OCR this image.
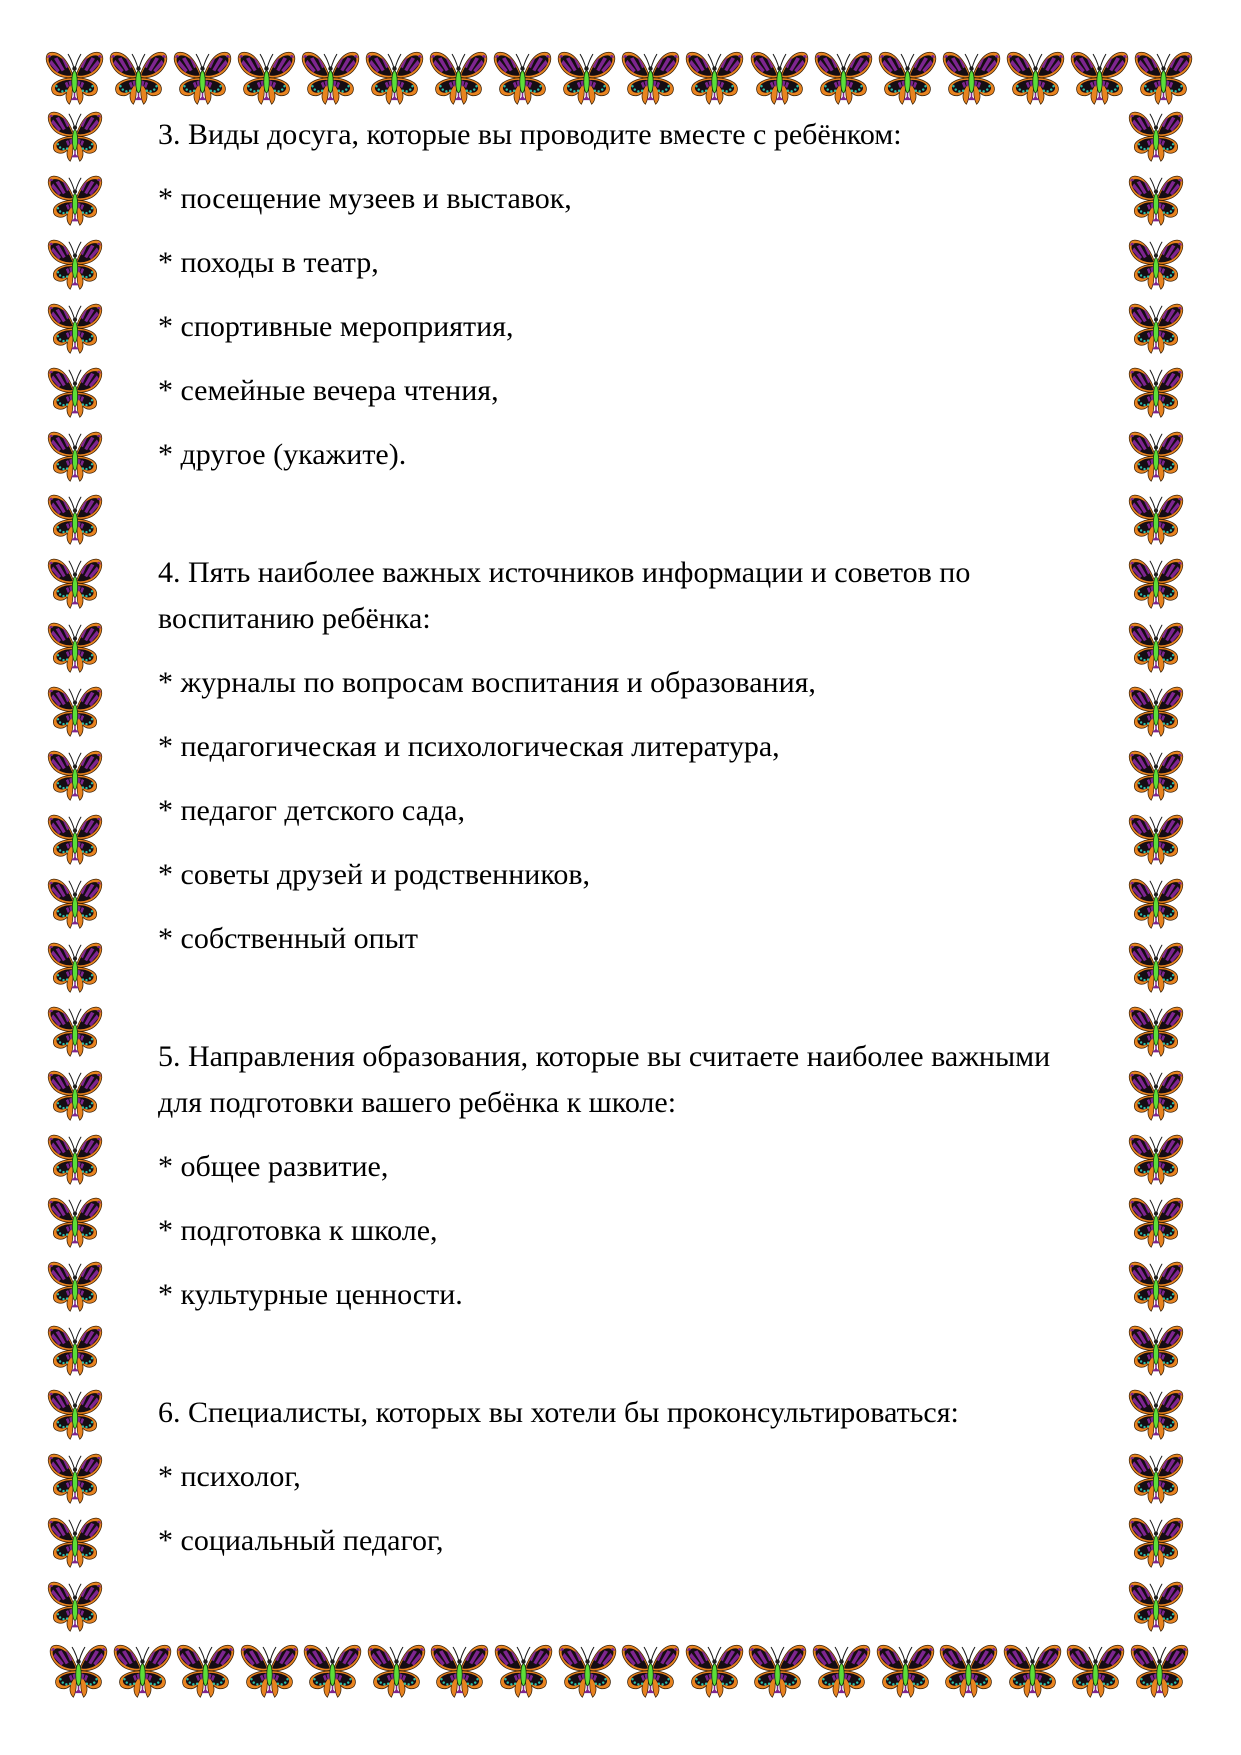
3. Виды досуга, которые вы проводите вместе с ребёнком:

* посещение музеев и выставок,

* походы в театр,

* спортивные мероприятия,

* семейные вечера чтения,

* другое (укажите).

4. Пять наиболее важных источников информации и советов по воспитанию ребёнка:

* журналы по вопросам воспитания и образования,

* педагогическая и психологическая литература,

* педагог детского сада,

* советы друзей и родственников,

* собственный опыт

5. Направления образования, которые вы считаете наиболее важными для подготовки вашего ребёнка к школе:

* общее развитие,

* подготовка к школе,

* культурные ценности.

6. Специалисты, которых вы хотели бы проконсультироваться:

* психолог,

* социальный педагог,
